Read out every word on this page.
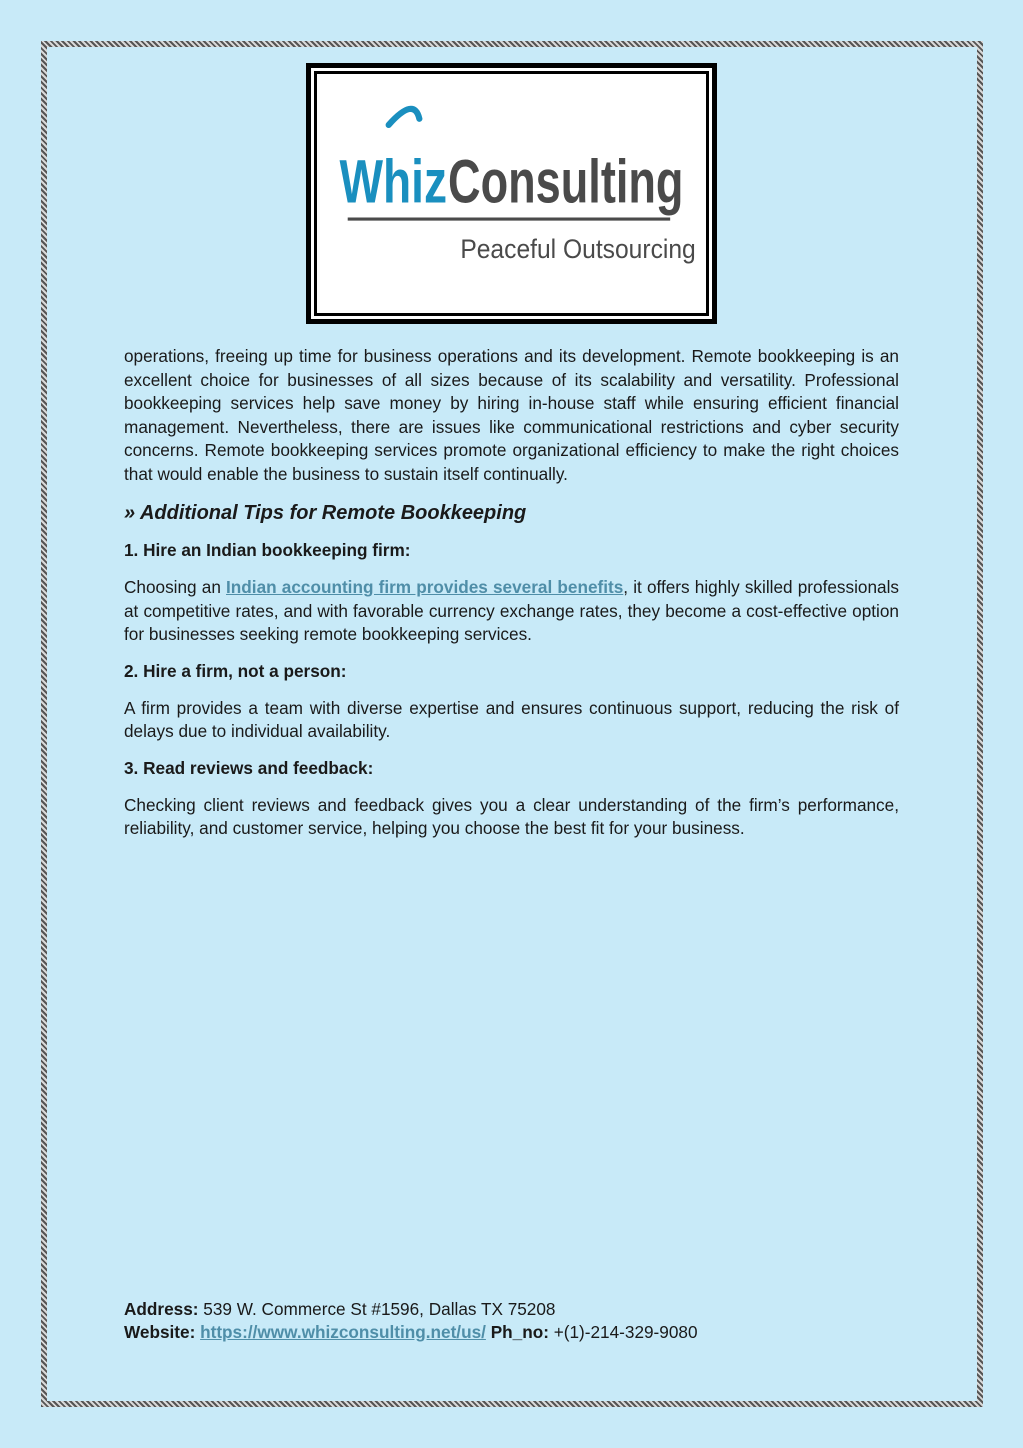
Whiz Consulting
Peaceful Outsourcing

operations, freeing up time for business operations and its development. Remote bookkeeping is an excellent choice for businesses of all sizes because of its scalability and versatility. Professional bookkeeping services help save money by hiring in-house staff while ensuring efficient financial management. Nevertheless, there are issues like communicational restrictions and cyber security concerns. Remote bookkeeping services promote organizational efficiency to make the right choices that would enable the business to sustain itself continually.

» Additional Tips for Remote Bookkeeping
1. Hire an Indian bookkeeping firm:

Choosing an Indian accounting firm provides several benefits, it offers highly skilled professionals at competitive rates, and with favorable currency exchange rates, they become a cost-effective option for businesses seeking remote bookkeeping services.

2. Hire a firm, not a person:

A firm provides a team with diverse expertise and ensures continuous support, reducing the risk of delays due to individual availability.

3. Read reviews and feedback:

Checking client reviews and feedback gives you a clear understanding of the firm’s performance, reliability, and customer service, helping you choose the best fit for your business.

Address: 539 W. Commerce St #1596, Dallas TX 75208
Website: https://www.whizconsulting.net/us/ Ph_no: +(1)-214-329-9080
